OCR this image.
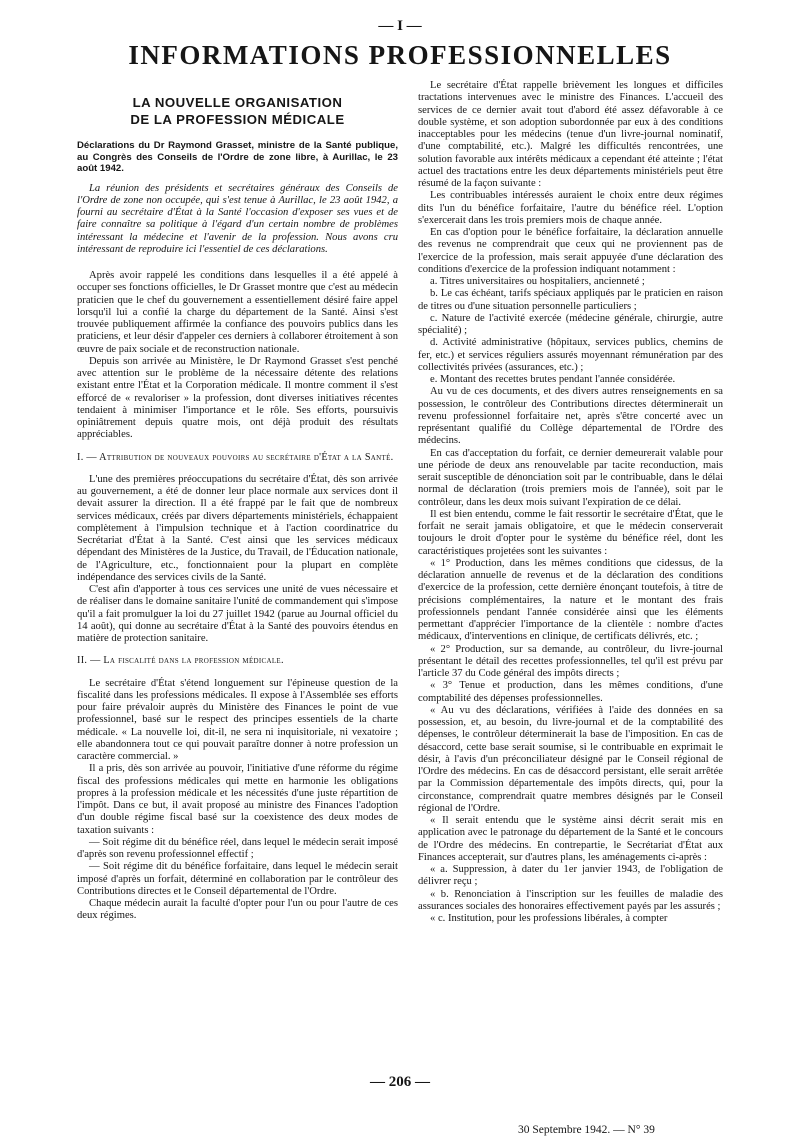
— I —
INFORMATIONS PROFESSIONNELLES
LA NOUVELLE ORGANISATION
DE LA PROFESSION MÉDICALE

Déclarations du Dr Raymond Grasset, ministre de la Santé publique, au Congrès des Conseils de l'Ordre de zone libre, à Aurillac, le 23 août 1942.

La réunion des présidents et secrétaires généraux des Conseils de l'Ordre de zone non occupée, qui s'est tenue à Aurillac, le 23 août 1942, a fourni au secrétaire d'État à la Santé l'occasion d'exposer ses vues et de faire connaître sa politique à l'égard d'un certain nombre de problèmes intéressant la médecine et l'avenir de la profession. Nous avons cru intéressant de reproduire ici l'essentiel de ces déclarations.

Après avoir rappelé les conditions dans lesquelles il a été appelé à occuper ses fonctions officielles, le Dr Grasset montre que c'est au médecin praticien que le chef du gouvernement a essentiellement désiré faire appel lorsqu'il lui a confié la charge du département de la Santé. Ainsi s'est trouvée publiquement affirmée la confiance des pouvoirs publics dans les praticiens, et leur désir d'appeler ces derniers à collaborer étroitement à son œuvre de paix sociale et de reconstruction nationale.

Depuis son arrivée au Ministère, le Dr Raymond Grasset s'est penché avec attention sur le problème de la nécessaire détente des relations existant entre l'État et la Corporation médicale. Il montre comment il s'est efforcé de « revaloriser » la profession, dont diverses initiatives récentes tendaient à minimiser l'importance et le rôle. Ses efforts, poursuivis opiniâtrement depuis quatre mois, ont déjà produit des résultats appréciables.

I. — Attribution de nouveaux pouvoirs au secrétaire d'État a la Santé.

L'une des premières préoccupations du secrétaire d'État, dès son arrivée au gouvernement, a été de donner leur place normale aux services dont il devait assurer la direction. Il a été frappé par le fait que de nombreux services médicaux, créés par divers départements ministériels, échappaient complètement à l'impulsion technique et à l'action coordinatrice du Secrétariat d'État à la Santé. C'est ainsi que les services médicaux dépendant des Ministères de la Justice, du Travail, de l'Éducation nationale, de l'Agriculture, etc., fonctionnaient pour la plupart en complète indépendance des services civils de la Santé.

C'est afin d'apporter à tous ces services une unité de vues nécessaire et de réaliser dans le domaine sanitaire l'unité de commandement qui s'impose qu'il a fait promulguer la loi du 27 juillet 1942 (parue au Journal officiel du 14 août), qui donne au secrétaire d'État à la Santé des pouvoirs étendus en matière de protection sanitaire.

II. — La fiscalité dans la profession médicale.

Le secrétaire d'État s'étend longuement sur l'épineuse question de la fiscalité dans les professions médicales. Il expose à l'Assemblée ses efforts pour faire prévaloir auprès du Ministère des Finances le point de vue professionnel, basé sur le respect des principes essentiels de la charte médicale. « La nouvelle loi, dit-il, ne sera ni inquisitoriale, ni vexatoire ; elle abandonnera tout ce qui pouvait paraître donner à notre profession un caractère commercial. »

Il a pris, dès son arrivée au pouvoir, l'initiative d'une réforme du régime fiscal des professions médicales qui mette en harmonie les obligations propres à la profession médicale et les nécessités d'une juste répartition de l'impôt. Dans ce but, il avait proposé au ministre des Finances l'adoption d'un double régime fiscal basé sur la coexistence des deux modes de taxation suivants :

— Soit régime dit du bénéfice réel, dans lequel le médecin serait imposé d'après son revenu professionnel effectif ;

— Soit régime dit du bénéfice forfaitaire, dans lequel le médecin serait imposé d'après un forfait, déterminé en collaboration par le contrôleur des Contributions directes et le Conseil départemental de l'Ordre.

Chaque médecin aurait la faculté d'opter pour l'un ou pour l'autre de ces deux régimes.

Le secrétaire d'État rappelle brièvement les longues et difficiles tractations intervenues avec le ministre des Finances. L'accueil des services de ce dernier avait tout d'abord été assez défavorable à ce double système, et son adoption subordonnée par eux à des conditions inacceptables pour les médecins (tenue d'un livre-journal nominatif, d'une comptabilité, etc.). Malgré les difficultés rencontrées, une solution favorable aux intérêts médicaux a cependant été atteinte ; l'état actuel des tractations entre les deux départements ministériels peut être résumé de la façon suivante :

Les contribuables intéressés auraient le choix entre deux régimes dits l'un du bénéfice forfaitaire, l'autre du bénéfice réel. L'option s'exercerait dans les trois premiers mois de chaque année.

En cas d'option pour le bénéfice forfaitaire, la déclaration annuelle des revenus ne comprendrait que ceux qui ne proviennent pas de l'exercice de la profession, mais serait appuyée d'une déclaration des conditions d'exercice de la profession indiquant notamment :

a. Titres universitaires ou hospitaliers, ancienneté ;

b. Le cas échéant, tarifs spéciaux appliqués par le praticien en raison de titres ou d'une situation personnelle particuliers ;

c. Nature de l'activité exercée (médecine générale, chirurgie, autre spécialité) ;

d. Activité administrative (hôpitaux, services publics, chemins de fer, etc.) et services réguliers assurés moyennant rémunération par des collectivités privées (assurances, etc.) ;

e. Montant des recettes brutes pendant l'année considérée.

Au vu de ces documents, et des divers autres renseignements en sa possession, le contrôleur des Contributions directes déterminerait un revenu professionnel forfaitaire net, après s'être concerté avec un représentant qualifié du Collège départemental de l'Ordre des médecins.

En cas d'acceptation du forfait, ce dernier demeurerait valable pour une période de deux ans renouvelable par tacite reconduction, mais serait susceptible de dénonciation soit par le contribuable, dans le délai normal de déclaration (trois premiers mois de l'année), soit par le contrôleur, dans les deux mois suivant l'expiration de ce délai.

Il est bien entendu, comme le fait ressortir le secrétaire d'État, que le forfait ne serait jamais obligatoire, et que le médecin conserverait toujours le droit d'opter pour le système du bénéfice réel, dont les caractéristiques projetées sont les suivantes :

« 1° Production, dans les mêmes conditions que cidessus, de la déclaration annuelle de revenus et de la déclaration des conditions d'exercice de la profession, cette dernière énonçant toutefois, à titre de précisions complémentaires, la nature et le montant des frais professionnels pendant l'année considérée ainsi que les éléments permettant d'apprécier l'importance de la clientèle : nombre d'actes médicaux, d'interventions en clinique, de certificats délivrés, etc. ;

« 2° Production, sur sa demande, au contrôleur, du livre-journal présentant le détail des recettes professionnelles, tel qu'il est prévu par l'article 37 du Code général des impôts directs ;

« 3° Tenue et production, dans les mêmes conditions, d'une comptabilité des dépenses professionnelles.

« Au vu des déclarations, vérifiées à l'aide des données en sa possession, et, au besoin, du livre-journal et de la comptabilité des dépenses, le contrôleur déterminerait la base de l'imposition. En cas de désaccord, cette base serait soumise, si le contribuable en exprimait le désir, à l'avis d'un préconciliateur désigné par le Conseil régional de l'Ordre des médecins. En cas de désaccord persistant, elle serait arrêtée par la Commission départementale des impôts directs, qui, pour la circonstance, comprendrait quatre membres désignés par le Conseil régional de l'Ordre.

« Il serait entendu que le système ainsi décrit serait mis en application avec le patronage du département de la Santé et le concours de l'Ordre des médecins. En contrepartie, le Secrétariat d'État aux Finances accepterait, sur d'autres plans, les aménagements ci-après :

« a. Suppression, à dater du 1er janvier 1943, de l'obligation de délivrer reçu ;

« b. Renonciation à l'inscription sur les feuilles de maladie des assurances sociales des honoraires effectivement payés par les assurés ;

« c. Institution, pour les professions libérales, à compter

— 206 —
30 Septembre 1942. — N° 39
